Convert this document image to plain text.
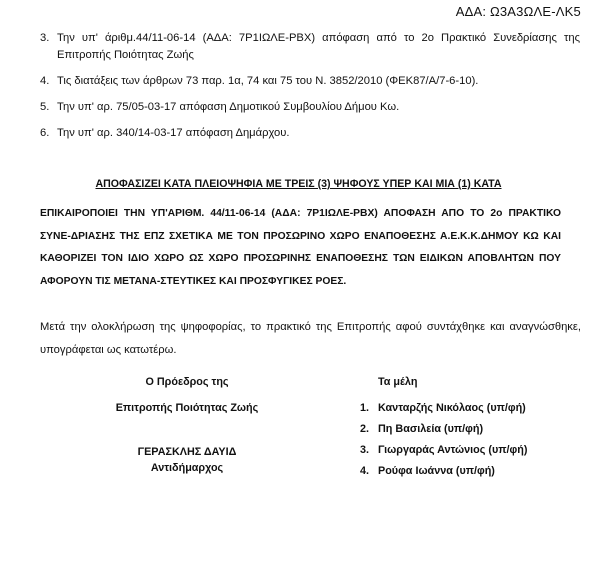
ΑΔΑ: Ω3Α3ΩΛΕ-ΛΚ5
3. Την υπ' άριθμ.44/11-06-14 (ΑΔΑ: 7Ρ1ΙΩΛΕ-ΡΒΧ) απόφαση από το 2ο Πρακτικό Συνεδρίασης της Επιτροπής Ποιότητας Ζωής
4. Τις διατάξεις των άρθρων 73 παρ. 1α, 74 και 75 του Ν. 3852/2010 (ΦΕΚ87/Α/7-6-10).
5. Την υπ' αρ. 75/05-03-17 απόφαση Δημοτικού Συμβουλίου Δήμου Κω.
6. Την υπ' αρ. 340/14-03-17 απόφαση Δημάρχου.
ΑΠΟΦΑΣΙΖΕΙ ΚΑΤΑ ΠΛΕΙΟΨΗΦΙΑ ΜΕ ΤΡΕΙΣ (3) ΨΗΦΟΥΣ ΥΠΕΡ ΚΑΙ ΜΙΑ (1) ΚΑΤΑ
ΕΠΙΚΑΙΡΟΠΟΙΕΙ ΤΗΝ ΥΠ'ΑΡΙΘΜ. 44/11-06-14 (ΑΔΑ: 7Ρ1ΙΩΛΕ-ΡΒΧ) ΑΠΟΦΑΣΗ ΑΠΟ ΤΟ 2ο ΠΡΑΚΤΙΚΟ ΣΥΝΕ-ΔΡΙΑΣΗΣ ΤΗΣ ΕΠΖ ΣΧΕΤΙΚΑ ΜΕ ΤΟΝ ΠΡΟΣΩΡΙΝΟ ΧΩΡΟ ΕΝΑΠΟΘΕΣΗΣ Α.Ε.Κ.Κ.ΔΗΜΟΥ ΚΩ ΚΑΙ ΚΑΘΟΡΙΖΕΙ ΤΟΝ ΙΔΙΟ ΧΩΡΟ ΩΣ ΧΩΡΟ ΠΡΟΣΩΡΙΝΗΣ ΕΝΑΠΟΘΕΣΗΣ ΤΩΝ ΕΙΔΙΚΩΝ ΑΠΟΒΛΗΤΩΝ ΠΟΥ ΑΦΟΡΟΥΝ ΤΙΣ ΜΕΤΑΝΑ-ΣΤΕΥΤΙΚΕΣ ΚΑΙ ΠΡΟΣΦΥΓΙΚΕΣ ΡΟΕΣ.
Μετά την ολοκλήρωση της ψηφοφορίας, το πρακτικό της Επιτροπής αφού συντάχθηκε και αναγνώσθηκε, υπογράφεται ως κατωτέρω.
Ο Πρόεδρος της
Επιτροπής Ποιότητας Ζωής
ΓΕΡΑΣΚΛΗΣ ΔΑΥΙΔ
Αντιδήμαρχος
Τα μέλη
1. Κανταρζής Νικόλαος (υπ/φή)
2. Πη Βασιλεία (υπ/φή)
3. Γιωργαράς Αντώνιος (υπ/φή)
4. Ρούφα Ιωάννα (υπ/φή)
